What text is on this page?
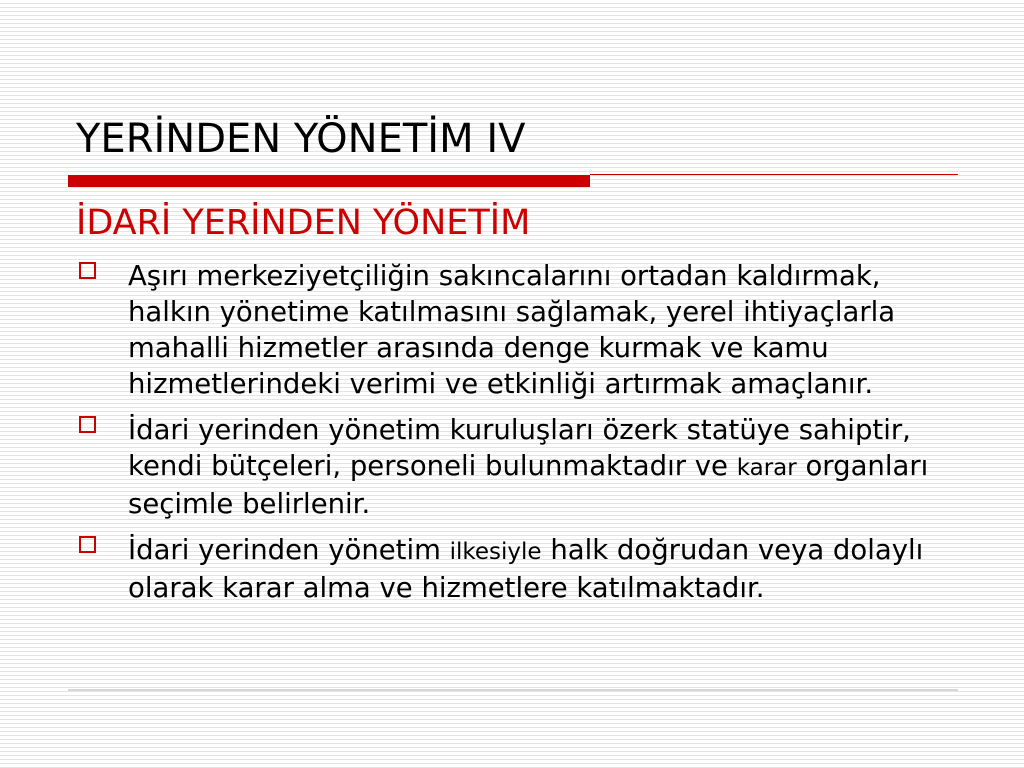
YERİNDEN YÖNETİM IV
İDARİ YERİNDEN YÖNETİM
Aşırı merkeziyetçiliğin sakıncalarını ortadan kaldırmak, halkın yönetime katılmasını sağlamak, yerel ihtiyaçlarla mahalli hizmetler arasında denge kurmak ve kamu hizmetlerindeki verimi ve etkinliği artırmak amaçlanır.
İdari yerinden yönetim kuruluşları özerk statüye sahiptir, kendi bütçeleri, personeli bulunmaktadır ve karar organları seçimle belirlenir.
İdari yerinden yönetim ilkesiyle halk doğrudan veya dolaylı olarak karar alma ve hizmetlere katılmaktadır.
